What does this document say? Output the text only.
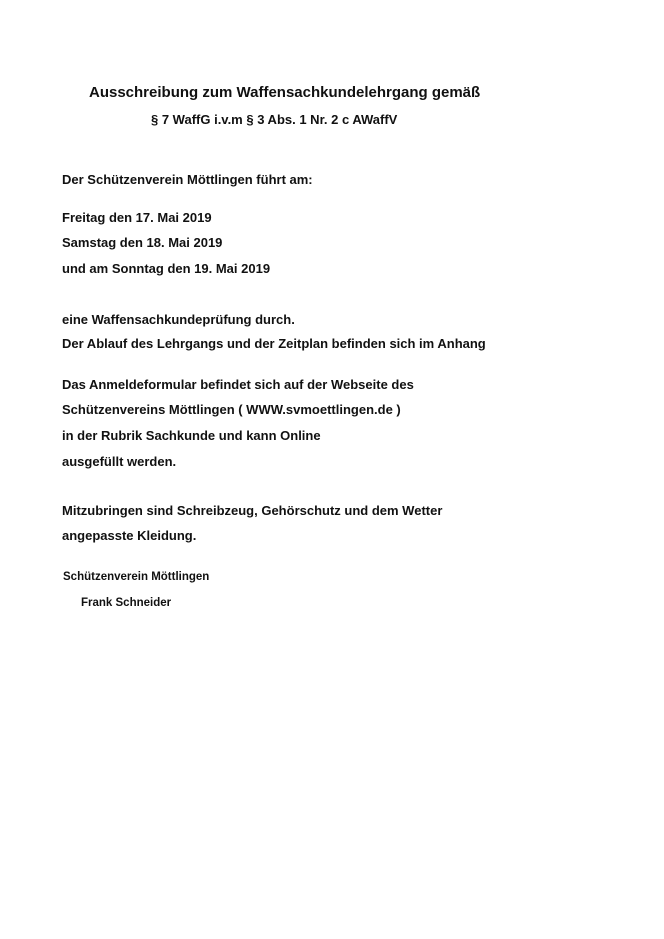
Ausschreibung zum Waffensachkundelehrgang gemäß
§ 7 WaffG i.v.m § 3 Abs. 1 Nr. 2 c AWaffV
Der Schützenverein Möttlingen führt am:
Freitag den 17. Mai 2019
Samstag den 18. Mai 2019
und am Sonntag den 19. Mai 2019
eine Waffensachkundeprüfung durch.
Der Ablauf des Lehrgangs und der Zeitplan befinden sich im Anhang
Das Anmeldeformular befindet sich auf der Webseite des
Schützenvereins Möttlingen ( WWW.svmoettlingen.de )
in der Rubrik Sachkunde und kann Online
ausgefüllt werden.
Mitzubringen sind Schreibzeug, Gehörschutz und dem Wetter
angepasste Kleidung.
Schützenverein Möttlingen
Frank Schneider
